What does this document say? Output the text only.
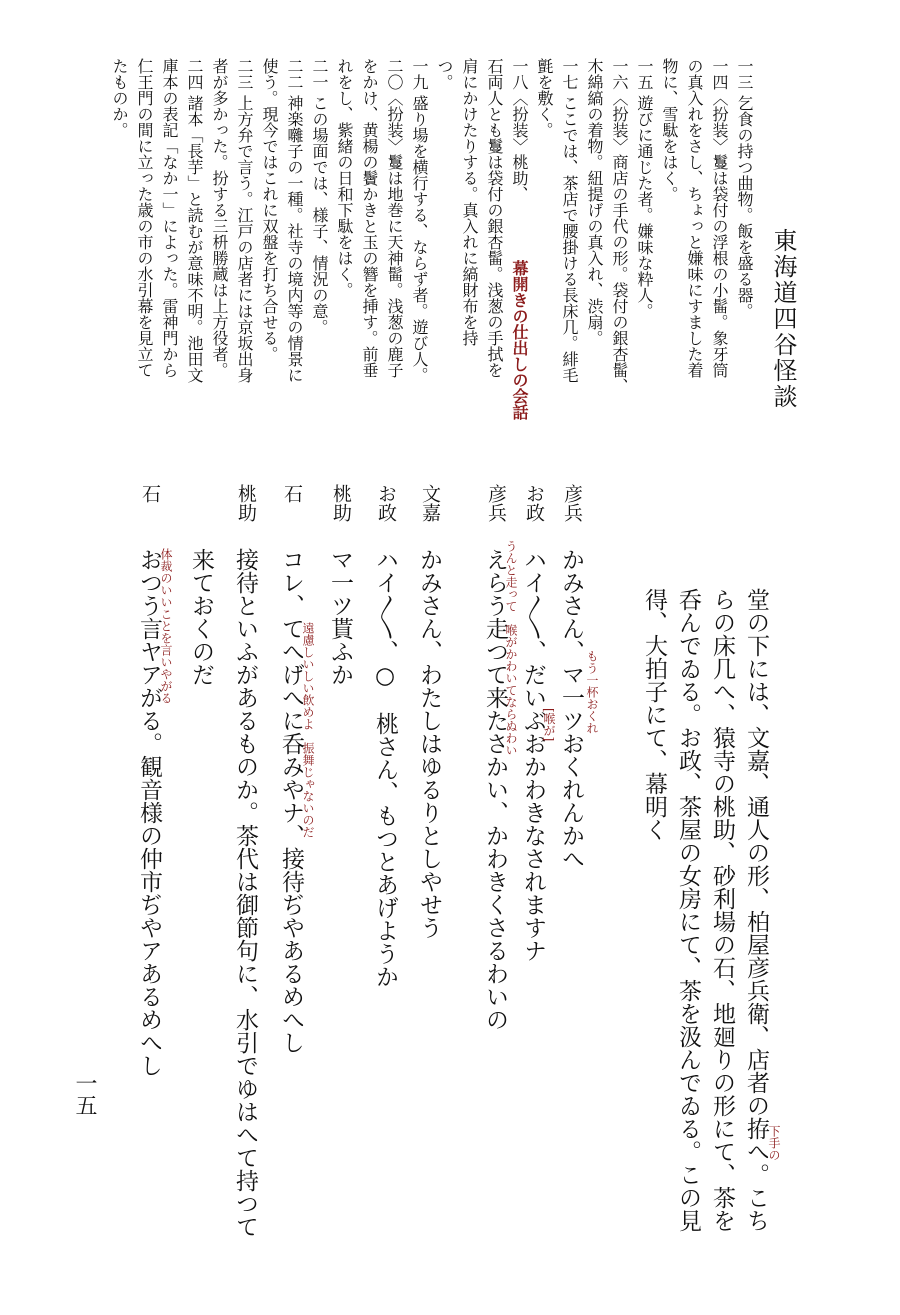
東海道四谷怪談
一三 乞食の持つ曲物。飯を盛る器。
一四〈扮装〉鬘は袋付の浮根の小髷。象牙筒
の真入れをさし、ちょっと嫌味にすました着
物に、雪駄をはく。
一五 遊びに通じた者。嫌味な粋人。
一六〈扮装〉商店の手代の形。袋付の銀杏髷、
木綿縞の着物。紐提げの真入れ、渋扇。
一七 ここでは、茶店で腰掛ける長床几。緋毛
氈を敷く。
一八〈扮装〉桃助、
幕開きの仕出しの会話
石両人とも鬘は袋付の銀杏髷。浅葱の手拭を
肩にかけたりする。真入れに縞財布を持
つ。
一九 盛り場を横行する、ならず者。遊び人。
二〇〈扮装〉鬘は地巻に天神髷。浅葱の鹿子
をかけ、黄楊の鬢かきと玉の簪を挿す。前垂
れをし、紫緒の日和下駄をはく。
二一 この場面では、様子、情況の意。
二二 神楽囃子の一種。社寺の境内等の情景に
使う。現今ではこれに双盤を打ち合せる。
二三 上方弁で言う。江戸の店者には京坂出身
者が多かった。扮する三枡勝蔵は上方役者。
二四 諸本「長芋」と読むが意味不明。池田文
庫本の表記「なか一」によった。雷神門から
仁王門の間に立った歳の市の水引幕を見立て
たものか。
下手の
堂の下には、文嘉、通人の形、柏屋彦兵衛、店者の拵へ。こち
らの床几へ、猿寺の桃助、砂利場の石、地廻りの形にて、茶を
呑んでゐる。お政、茶屋の女房にて、茶を汲んでゐる。この見
得、大拍子にて、幕明く
彦兵
かみさん、マ一ツおくれんかへ もう一杯おくれ
お政
ハイ〳〵、だいぶおかわきなされますナ
[喉が]
彦兵
えらう走つて来たさかい、かわきくさるわいの
うんと走って　喉がかわいてならぬわい
文嘉
かみさん、わたしはゆるりとしやせう
お政
ハイ〳〵、○　桃さん、もつとあげようか
桃助
マ一ツ貰ふか
石
コレ、てへげへに呑みやナ、接待ぢやあるめへし
遠慮しいしい飲めよ　振舞じゃないのだ
桃助
接待といふがあるものか。茶代は御節句に、水引でゆはへて持つて
来ておくのだ
石
おつう言ヤアがる。観音様の仲市ぢやアあるめへし
体裁のいいことを言いやがる
一五
